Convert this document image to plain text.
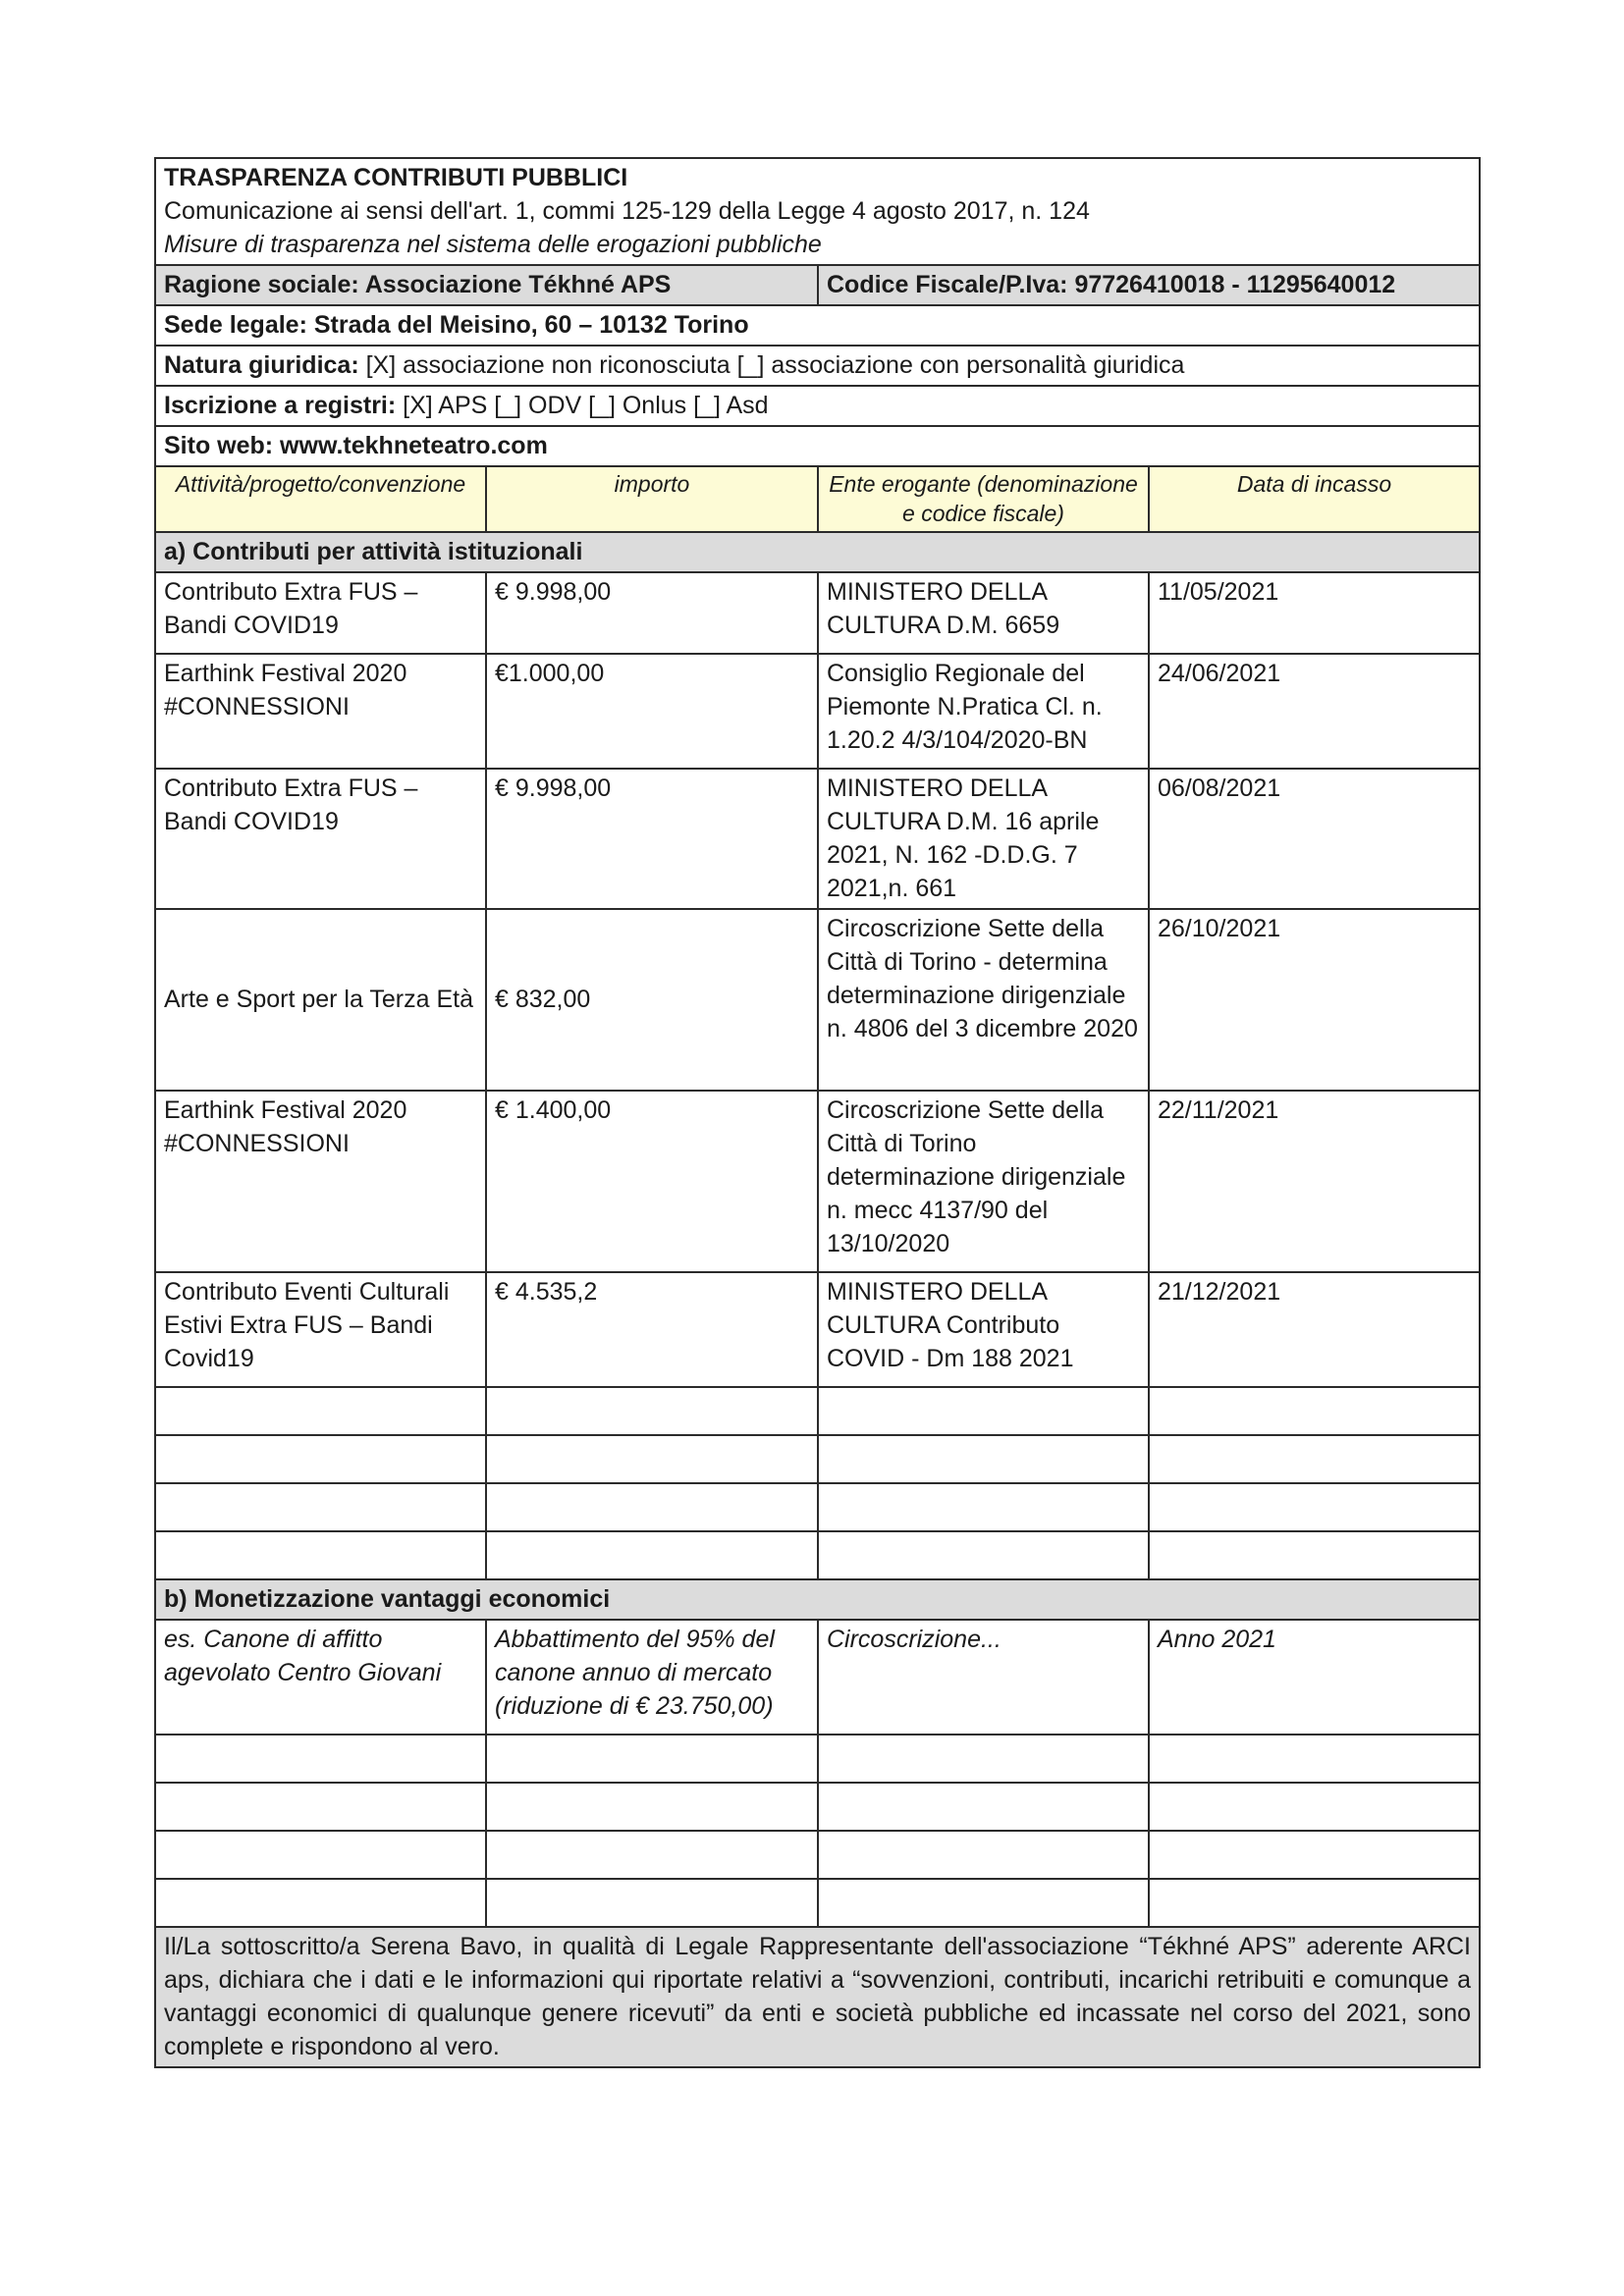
TRASPARENZA CONTRIBUTI PUBBLICI
Comunicazione ai sensi dell'art. 1, commi 125-129 della Legge 4 agosto 2017, n. 124
Misure di trasparenza nel sistema delle erogazioni pubbliche			

Ragione sociale: Associazione Tékhné APS		Codice Fiscale/P.Iva: 97726410018 - 11295640012	
Sede legale: Strada del Meisino, 60 – 10132 Torino			
Natura giuridica: [X] associazione non riconosciuta [_] associazione con personalità giuridica			
Iscrizione a registri: [X] APS [_] ODV [_] Onlus [_] Asd			
Sito web: www.tekhneteatro.com			
Attività/progetto/convenzione	importo	Ente erogante (denominazione e codice fiscale)	Data di incasso
a) Contributi per attività istituzionali			
Contributo Extra FUS – Bandi COVID19	€ 9.998,00	MINISTERO DELLA CULTURA D.M. 6659	11/05/2021
Earthink Festival 2020 #CONNESSIONI	€1.000,00	Consiglio Regionale del Piemonte N.Pratica Cl. n. 1.20.2 4/3/104/2020-BN	24/06/2021
Contributo Extra FUS – Bandi COVID19	€ 9.998,00	MINISTERO DELLA CULTURA D.M. 16 aprile 2021, N. 162 -D.D.G. 7 2021,n. 661	06/08/2021
Arte e Sport per la Terza Età	€ 832,00	Circoscrizione Sette della Città di Torino - determina determinazione dirigenziale n. 4806 del 3 dicembre 2020	26/10/2021
Earthink Festival 2020 #CONNESSIONI	€ 1.400,00	Circoscrizione Sette della Città di Torino determinazione dirigenziale n. mecc 4137/90 del 13/10/2020	22/11/2021
Contributo Eventi Culturali Estivi Extra FUS – Bandi Covid19	€ 4.535,2	MINISTERO DELLA CULTURA Contributo COVID - Dm 188 2021	21/12/2021

b) Monetizzazione vantaggi economici			
es. Canone di affitto agevolato Centro Giovani	Abbattimento del 95% del canone annuo di mercato (riduzione di € 23.750,00)	Circoscrizione...	Anno 2021

Il/La sottoscritto/a Serena Bavo, in qualità di Legale Rappresentante dell'associazione “Tékhné APS” aderente ARCI aps, dichiara che i dati e le informazioni qui riportate relativi a “sovvenzioni, contributi, incarichi retribuiti e comunque a vantaggi economici di qualunque genere ricevuti” da enti e società pubbliche ed incassate nel corso del 2021, sono complete e rispondono al vero.			
